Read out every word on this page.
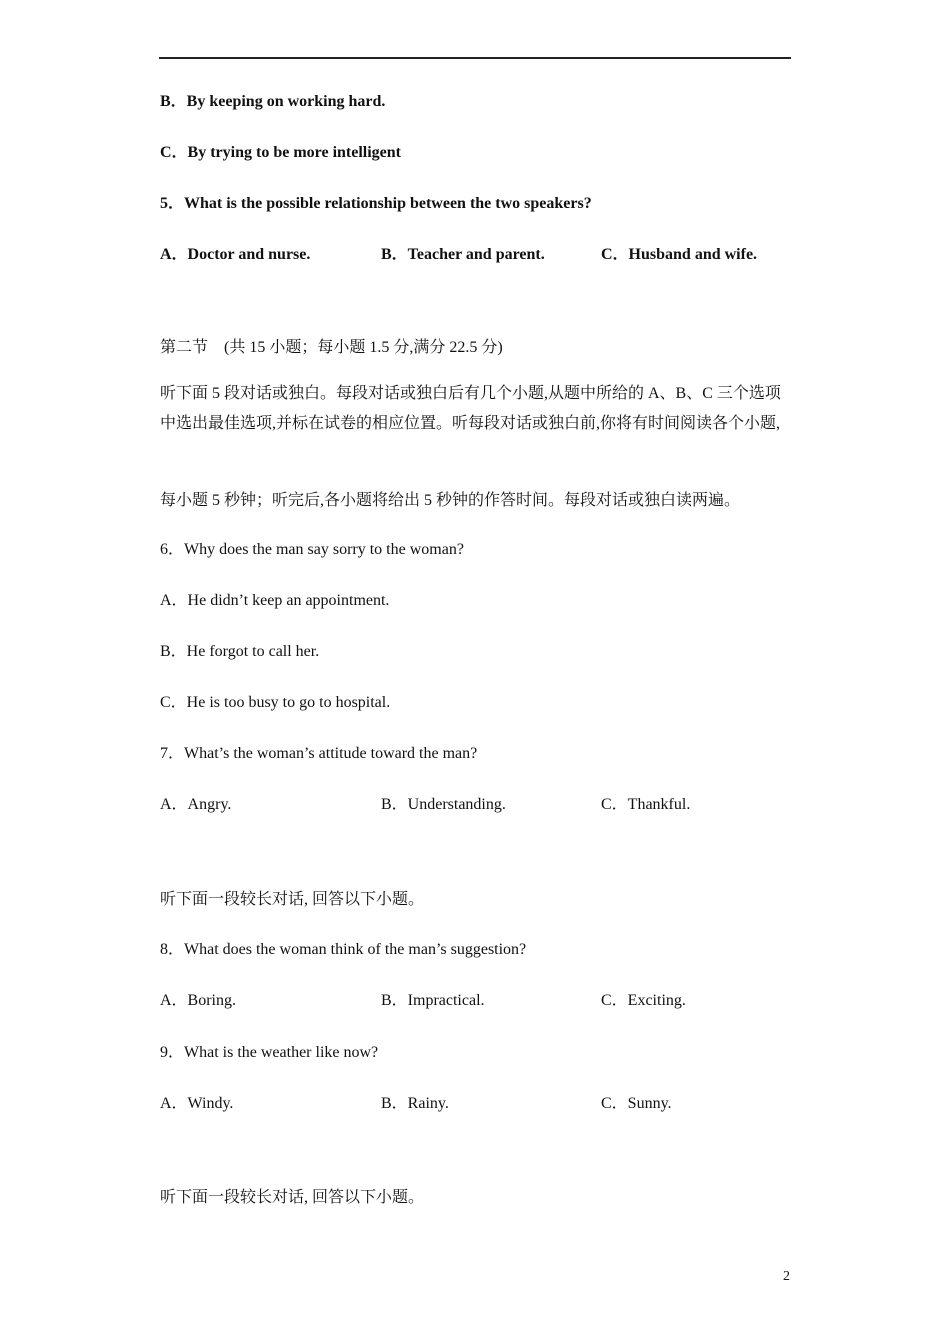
B．By keeping on working hard.
C．By trying to be more intelligent
5．What is the possible relationship between the two speakers?
A．Doctor and nurse.	B．Teacher and parent.	C．Husband and wife.
第二节　(共 15 小题；每小题 1.5 分,满分 22.5 分)
听下面 5 段对话或独白。每段对话或独白后有几个小题,从题中所给的 A、B、C 三个选项中选出最佳选项,并标在试卷的相应位置。听每段对话或独白前,你将有时间阅读各个小题,
每小题 5 秒钟；听完后,各小题将给出 5 秒钟的作答时间。每段对话或独白读两遍。
6．Why does the man say sorry to the woman?
A．He didn’t keep an appointment.
B．He forgot to call her.
C．He is too busy to go to hospital.
7．What’s the woman’s attitude toward the man?
A．Angry.	B．Understanding.	C．Thankful.
听下面一段较长对话, 回答以下小题。
8．What does the woman think of the man’s suggestion?
A．Boring.	B．Impractical.	C．Exciting.
9．What is the weather like now?
A．Windy.	B．Rainy.	C．Sunny.
听下面一段较长对话, 回答以下小题。
2
